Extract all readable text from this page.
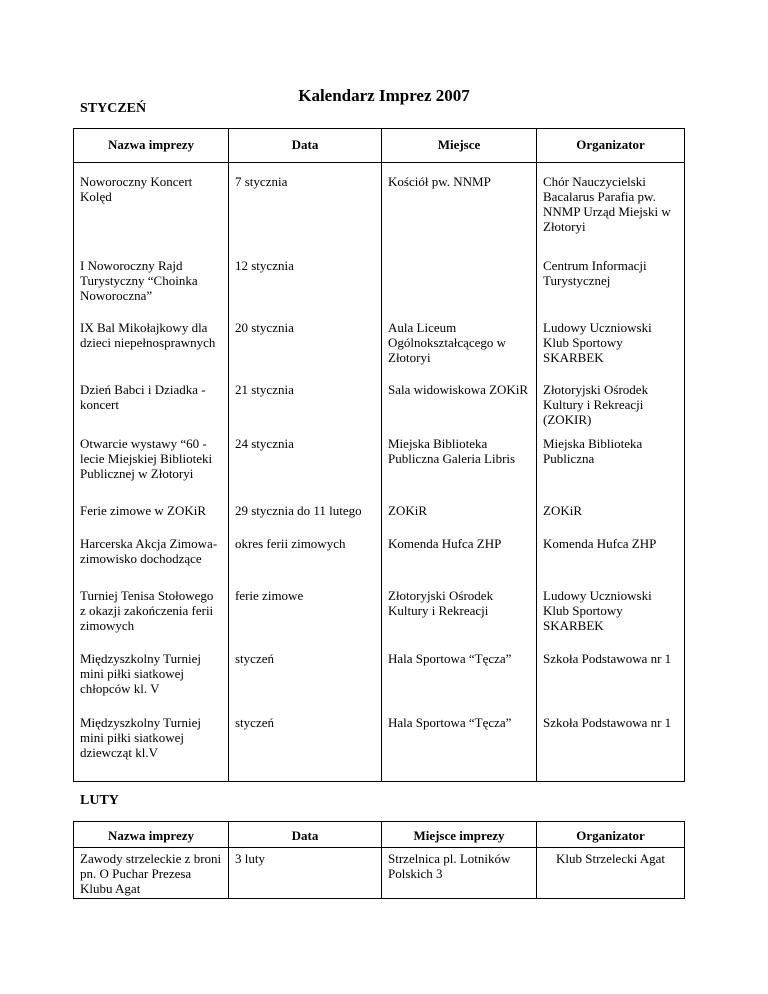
Kalendarz Imprez 2007
STYCZEŃ
Nazwa imprezy	Data	Miejsce	Organizator

Noworoczny Koncert Kolęd	7 stycznia	Kościół pw. NNMP	Chór Nauczycielski Bacalarus Parafia pw. NNMP Urząd Miejski w Złotoryi
I Noworoczny Rajd Turystyczny “Choinka Noworoczna”	12 stycznia		Centrum Informacji Turystycznej
IX Bal Mikołajkowy dla dzieci niepełnosprawnych	20 stycznia	Aula Liceum Ogólnokształcącego w Złotoryi	Ludowy Uczniowski Klub Sportowy SKARBEK
Dzień Babci i Dziadka - koncert	21 stycznia	Sala widowiskowa ZOKiR	Złotoryjski Ośrodek Kultury i Rekreacji (ZOKIR)
Otwarcie wystawy “60 - lecie Miejskiej Biblioteki Publicznej w Złotoryi	24 stycznia	Miejska Biblioteka Publiczna Galeria Libris	Miejska Biblioteka Publiczna
Ferie zimowe w ZOKiR	29 stycznia do 11 lutego	ZOKiR	ZOKiR
Harcerska Akcja Zimowa-zimowisko dochodzące	okres ferii zimowych	Komenda Hufca ZHP	Komenda Hufca ZHP
Turniej Tenisa Stołowego z okazji zakończenia ferii zimowych	ferie zimowe	Złotoryjski Ośrodek Kultury i Rekreacji	Ludowy Uczniowski Klub Sportowy SKARBEK
Międzyszkolny Turniej mini piłki siatkowej chłopców kl. V	styczeń	Hala Sportowa “Tęcza”	Szkoła Podstawowa nr 1
Międzyszkolny Turniej mini piłki siatkowej dziewcząt kl.V	styczeń	Hala Sportowa “Tęcza”	Szkoła Podstawowa nr 1
LUTY
Nazwa imprezy	Data	Miejsce imprezy	Organizator
Zawody strzeleckie z broni pn. O Puchar Prezesa Klubu Agat	3 luty	Strzelnica pl. Lotników Polskich 3	Klub Strzelecki Agat
